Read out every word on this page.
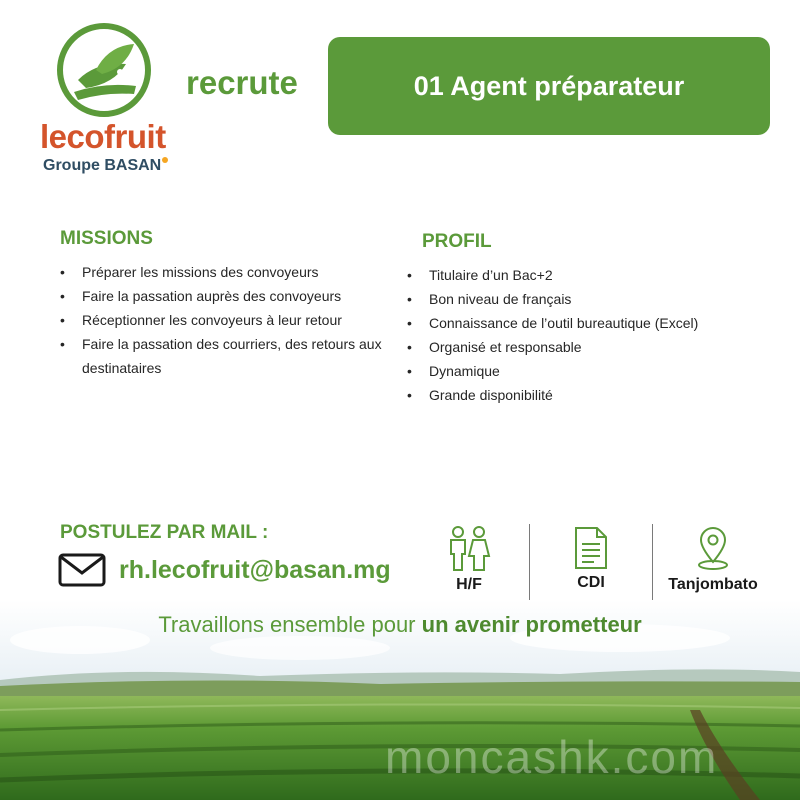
lecofruit
Groupe BASAN
recrute	01 Agent préparateur
MISSIONS
• Préparer les missions des convoyeurs
• Faire la passation auprès des convoyeurs
• Réceptionner les convoyeurs à leur retour
• Faire la passation des courriers, des retours aux destinataires
PROFIL
• Titulaire d’un Bac+2
• Bon niveau de français
• Connaissance de l’outil bureautique (Excel)
• Organisé et responsable
• Dynamique
• Grande disponibilité
POSTULEZ PAR MAIL :
rh.lecofruit@basan.mg
H/F	CDI	Tanjombato
Travaillons ensemble pour un avenir prometteur
moncashk.com
